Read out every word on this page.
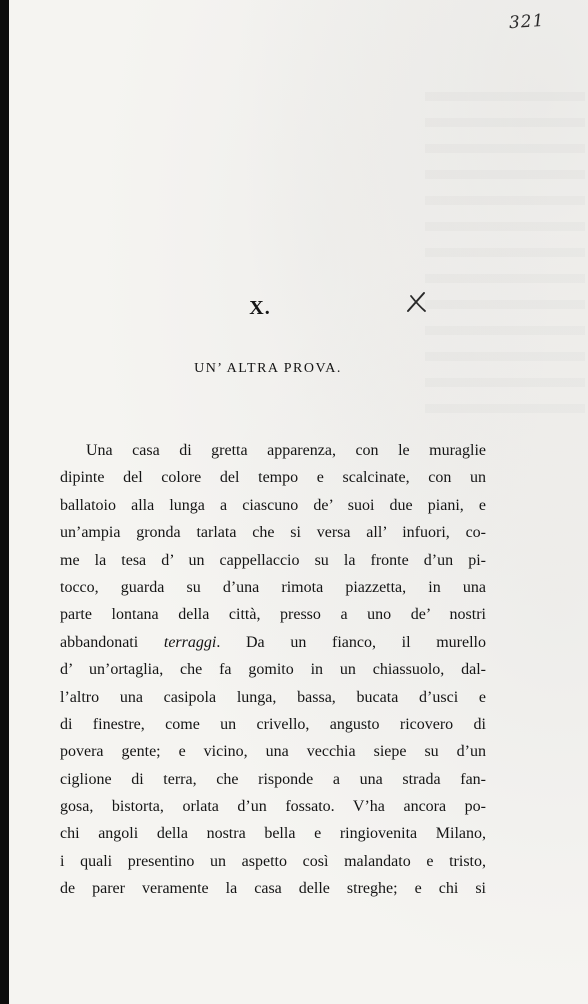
321
X.
UN’ ALTRA PROVA.
Una casa di gretta apparenza, con le muraglie
dipinte del colore del tempo e scalcinate, con un
ballatoio alla lunga a ciascuno de’ suoi due piani, e
un’ampia gronda tarlata che si versa all’ infuori, co-
me la tesa d’ un cappellaccio su la fronte d’un pi-
tocco, guarda su d’una rimota piazzetta, in una
parte lontana della città, presso a uno de’ nostri
abbandonati terraggi. Da un fianco, il murello
d’ un’ortaglia, che fa gomito in un chiassuolo, dal-
l’altro una casipola lunga, bassa, bucata d’usci e
di finestre, come un crivello, angusto ricovero di
povera gente; e vicino, una vecchia siepe su d’un
ciglione di terra, che risponde a una strada fan-
gosa, bistorta, orlata d’un fossato. V’ha ancora po-
chi angoli della nostra bella e ringiovenita Milano,
i quali presentino un aspetto così malandato e tristo,
de parer veramente la casa delle streghe; e chi si
